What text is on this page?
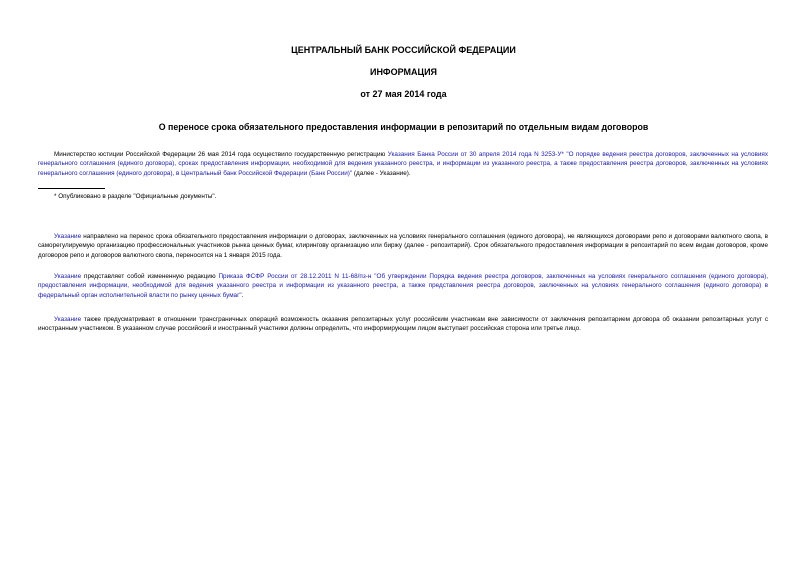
ЦЕНТРАЛЬНЫЙ БАНК РОССИЙСКОЙ ФЕДЕРАЦИИ
ИНФОРМАЦИЯ
от 27 мая 2014 года
О переносе срока обязательного предоставления информации в репозитарий по отдельным видам договоров
Министерство юстиции Российской Федерации 26 мая 2014 года осуществило государственную регистрацию Указания Банка России от 30 апреля 2014 года N 3253-У* "О порядке ведения реестра договоров, заключенных на условиях генерального соглашения (единого договора), сроках предоставления информации, необходимой для ведения указанного реестра, и информации из указанного реестра, а также предоставления реестра договоров, заключенных на условиях генерального соглашения (единого договора), в Центральный банк Российской Федерации (Банк России)" (далее - Указание).
* Опубликовано в разделе "Официальные документы".
Указание направлено на перенос срока обязательного предоставления информации о договорах, заключенных на условиях генерального соглашения (единого договора), не являющихся договорами репо и договорами валютного свопа, в саморегулируемую организацию профессиональных участников рынка ценных бумаг, клирингову организацию или биржу (далее - репозитарий). Срок обязательного предоставления информации в репозитарий по всем видам договоров, кроме договоров репо и договоров валютного свопа, переносится на 1 января 2015 года.
Указание представляет собой измененную редакцию Приказа ФСФР России от 28.12.2011 N 11-68/пз-н "Об утверждении Порядка ведения реестра договоров, заключенных на условиях генерального соглашения (единого договора), предоставления информации, необходимой для ведения указанного реестра и информации из указанного реестра, а также представления реестра договоров, заключенных на условиях генерального соглашения (единого договора) в федеральный орган исполнительной власти по рынку ценных бумаг".
Указание также предусматривает в отношении трансграничных операций возможность оказания репозитарных услуг российским участникам вне зависимости от заключения репозитарием договора об оказании репозитарных услуг с иностранным участником. В указанном случае российский и иностранный участники должны определить, что информирующим лицом выступает российская сторона или третье лицо.
